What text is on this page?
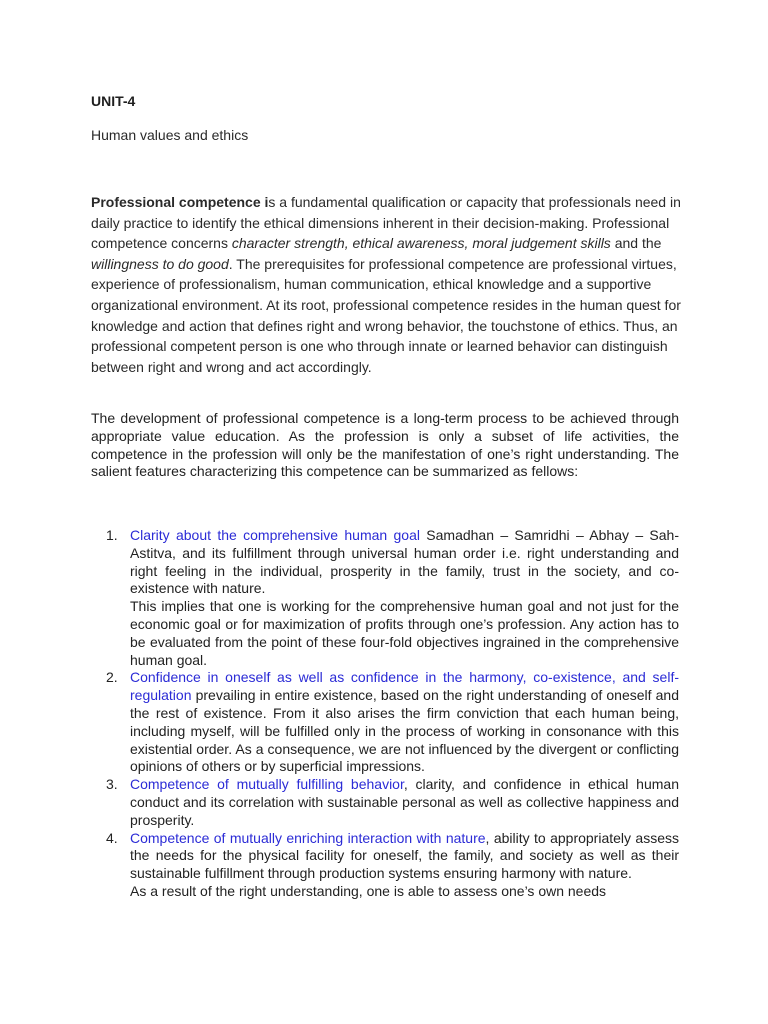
UNIT-4

Human values and ethics

Professional competence is a fundamental qualification or capacity that professionals need in daily practice to identify the ethical dimensions inherent in their decision-making. Professional competence concerns character strength, ethical awareness, moral judgement skills and the willingness to do good. The prerequisites for professional competence are professional virtues, experience of professionalism, human communication, ethical knowledge and a supportive organizational environment. At its root, professional competence resides in the human quest for knowledge and action that defines right and wrong behavior, the touchstone of ethics. Thus, an professional competent person is one who through innate or learned behavior can distinguish between right and wrong and act accordingly.

The development of professional competence is a long-term process to be achieved through appropriate value education. As the profession is only a subset of life activities, the competence in the profession will only be the manifestation of one’s right understanding. The salient features characterizing this competence can be summarized as fellows:

1. Clarity about the comprehensive human goal Samadhan – Samridhi – Abhay – Sah-Astitva, and its fulfillment through universal human order i.e. right understanding and right feeling in the individual, prosperity in the family, trust in the society, and co-existence with nature.
This implies that one is working for the comprehensive human goal and not just for the economic goal or for maximization of profits through one’s profession. Any action has to be evaluated from the point of these four-fold objectives ingrained in the comprehensive human goal.
2. Confidence in oneself as well as confidence in the harmony, co-existence, and self-regulation prevailing in entire existence, based on the right understanding of oneself and the rest of existence. From it also arises the firm conviction that each human being, including myself, will be fulfilled only in the process of working in consonance with this existential order. As a consequence, we are not influenced by the divergent or conflicting opinions of others or by superficial impressions.
3. Competence of mutually fulfilling behavior, clarity, and confidence in ethical human conduct and its correlation with sustainable personal as well as collective happiness and prosperity.
4. Competence of mutually enriching interaction with nature, ability to appropriately assess the needs for the physical facility for oneself, the family, and society as well as their sustainable fulfillment through production systems ensuring harmony with nature.
As a result of the right understanding, one is able to assess one’s own needs
